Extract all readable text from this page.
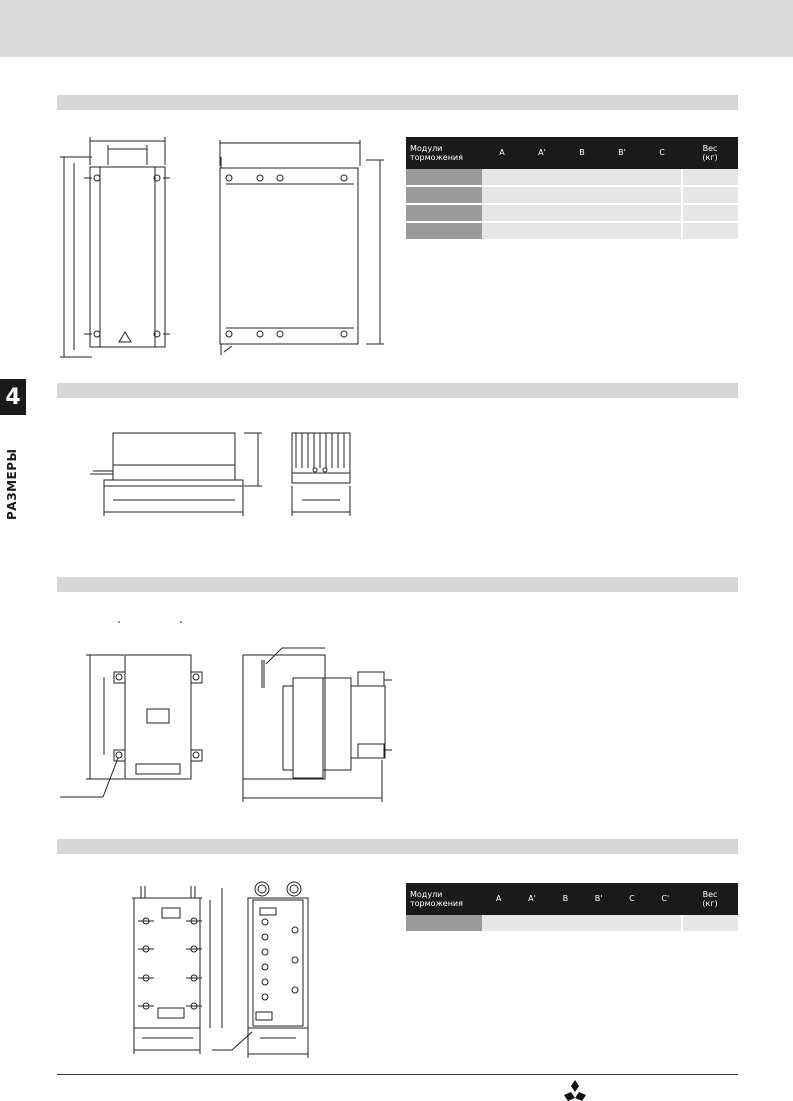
4
РАЗМЕРЫ
Модули
торможения	A	A'	B	B'	C	Вес
(кг)

Модули
торможения	A	A'	B	B'	C	C'	Вес
(кг)
